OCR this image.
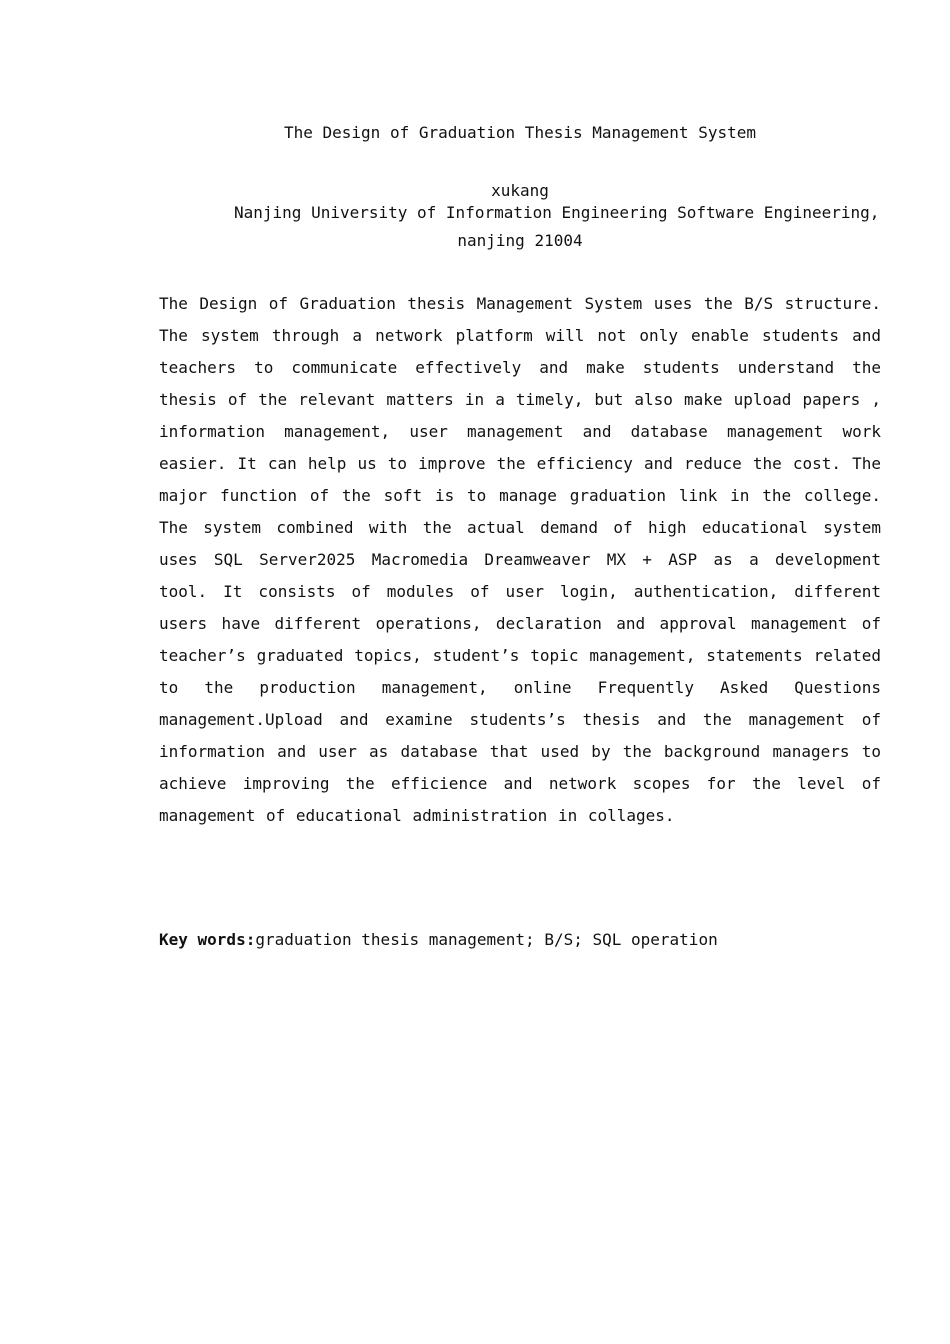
The Design of Graduation Thesis Management System
xukang
Nanjing University of Information Engineering Software Engineering,
nanjing 21004

The Design of Graduation thesis Management System uses the B/S structure. The system through a network platform will not only enable students and teachers to communicate effectively and make students understand the thesis of the relevant matters in a timely, but also make upload papers , information management, user management and database management work easier. It can help us to improve the efficiency and reduce the cost. The major function of the soft is to manage graduation link in the college. The system combined with the actual demand of high educational system uses SQL Server2025 Macromedia Dreamweaver MX + ASP as a development tool. It consists of modules of user login, authentication, different users have different operations, declaration and approval management of teacher’s graduated topics, student’s topic management, statements related to the production management, online Frequently Asked Questions management.Upload and examine students’s thesis and the management of information and user as database that used by the background managers to achieve improving the efficience and network scopes for the level of management of educational administration in collages.

Key words:graduation thesis management; B/S; SQL operation
